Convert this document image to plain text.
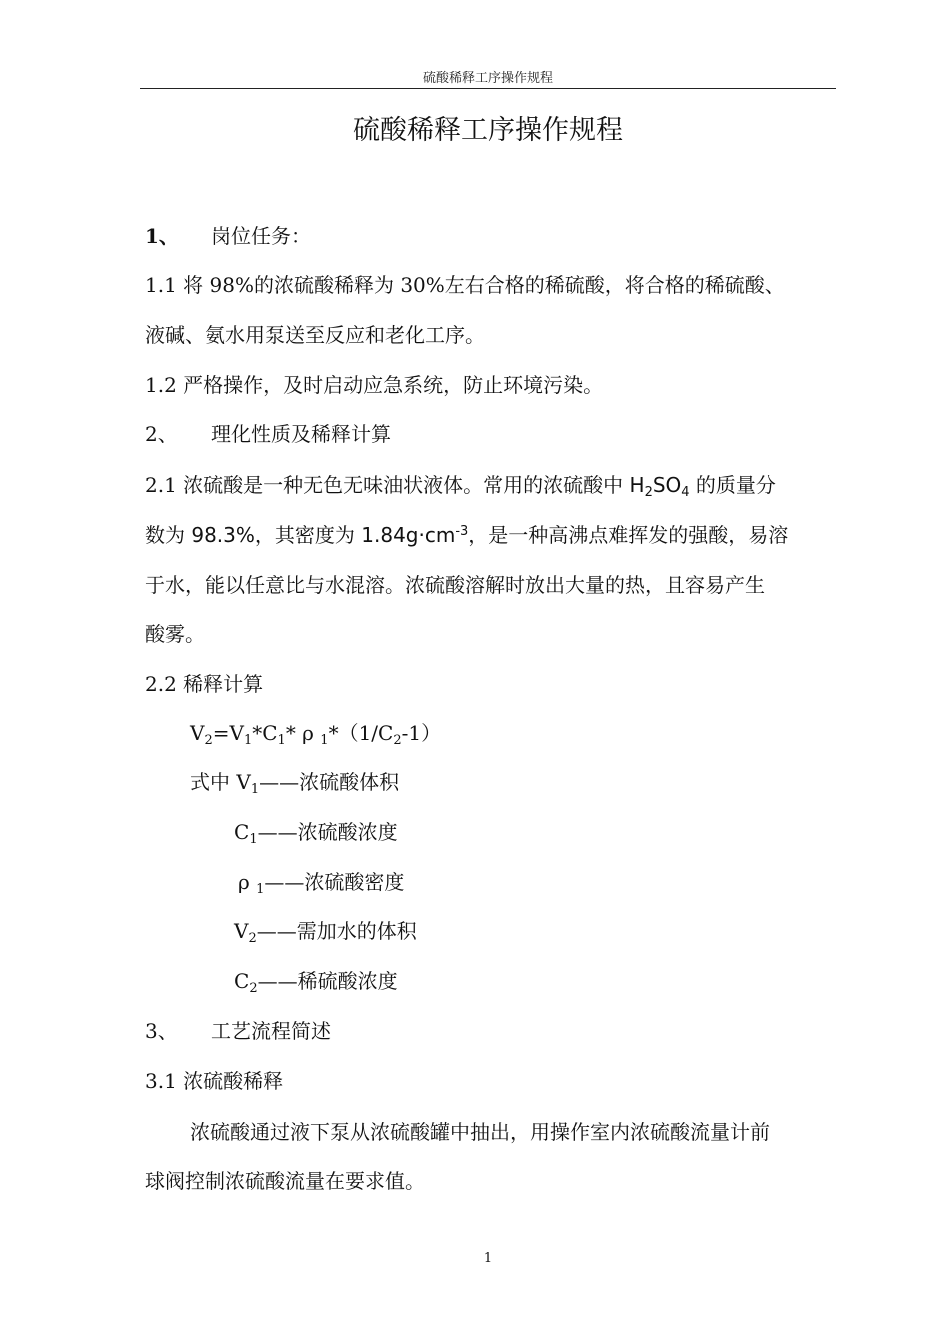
硫酸稀释工序操作规程
硫酸稀释工序操作规程
1、 岗位任务：
1.1 将 98%的浓硫酸稀释为 30%左右合格的稀硫酸，将合格的稀硫酸、
液碱、氨水用泵送至反应和老化工序。
1.2 严格操作，及时启动应急系统，防止环境污染。
2、 理化性质及稀释计算
2.1 浓硫酸是一种无色无味油状液体。常用的浓硫酸中 $H_2SO_4$ 的质量分
数为 98.3%，其密度为 $1.84g\cdot cm^{-3}$，是一种高沸点难挥发的强酸，易溶
于水，能以任意比与水混溶。浓硫酸溶解时放出大量的热，且容易产生
酸雾。
2.2 稀释计算
$V_2=V_1*C_1*$ ρ $_1*(1/C_2-1)$
式中 $V_1——$浓硫酸体积
$C_1——$浓硫酸浓度
ρ $_1$——浓硫酸密度
$V_2——$需加水的体积
$C_2——$稀硫酸浓度
3、 工艺流程简述
3.1 浓硫酸稀释
浓硫酸通过液下泵从浓硫酸罐中抽出，用操作室内浓硫酸流量计前
球阀控制浓硫酸流量在要求值。
1
